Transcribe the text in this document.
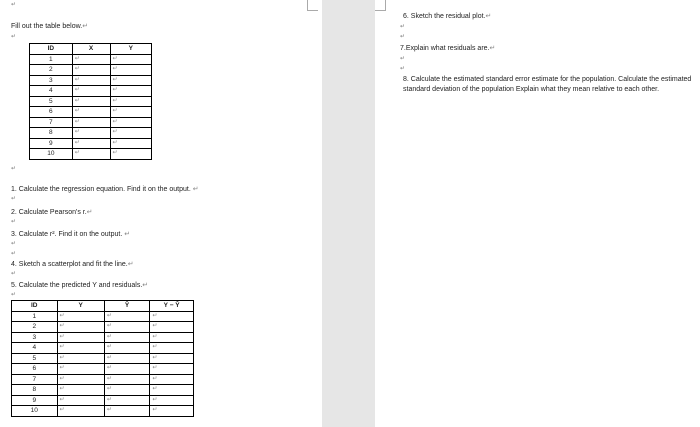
↵
Fill out the table below.↵
↵
ID	X	Y
1	↵	↵
2	↵	↵
3	↵	↵
4	↵	↵
5	↵	↵
6	↵	↵
7	↵	↵
8	↵	↵
9	↵	↵
10	↵	↵
↵
1. Calculate the regression equation. Find it on the output. ↵
↵
2. Calculate Pearson's r.↵
↵
3. Calculate r². Find it on the output. ↵
↵
↵
4. Sketch a scatterplot and fit the line.↵
↵
5. Calculate the predicted Y and residuals.↵
↵
ID	Y	Ŷ	Y − Ŷ
1	↵	↵	↵
2	↵	↵	↵
3	↵	↵	↵
4	↵	↵	↵
5	↵	↵	↵
6	↵	↵	↵
7	↵	↵	↵
8	↵	↵	↵
9	↵	↵	↵
10	↵	↵	↵
6. Sketch the residual plot.↵
↵
↵
7.Explain what residuals are.↵
↵
↵
8. Calculate the estimated standard error estimate for the population. Calculate the estimated standard deviation of the population Explain what they mean relative to each other.
